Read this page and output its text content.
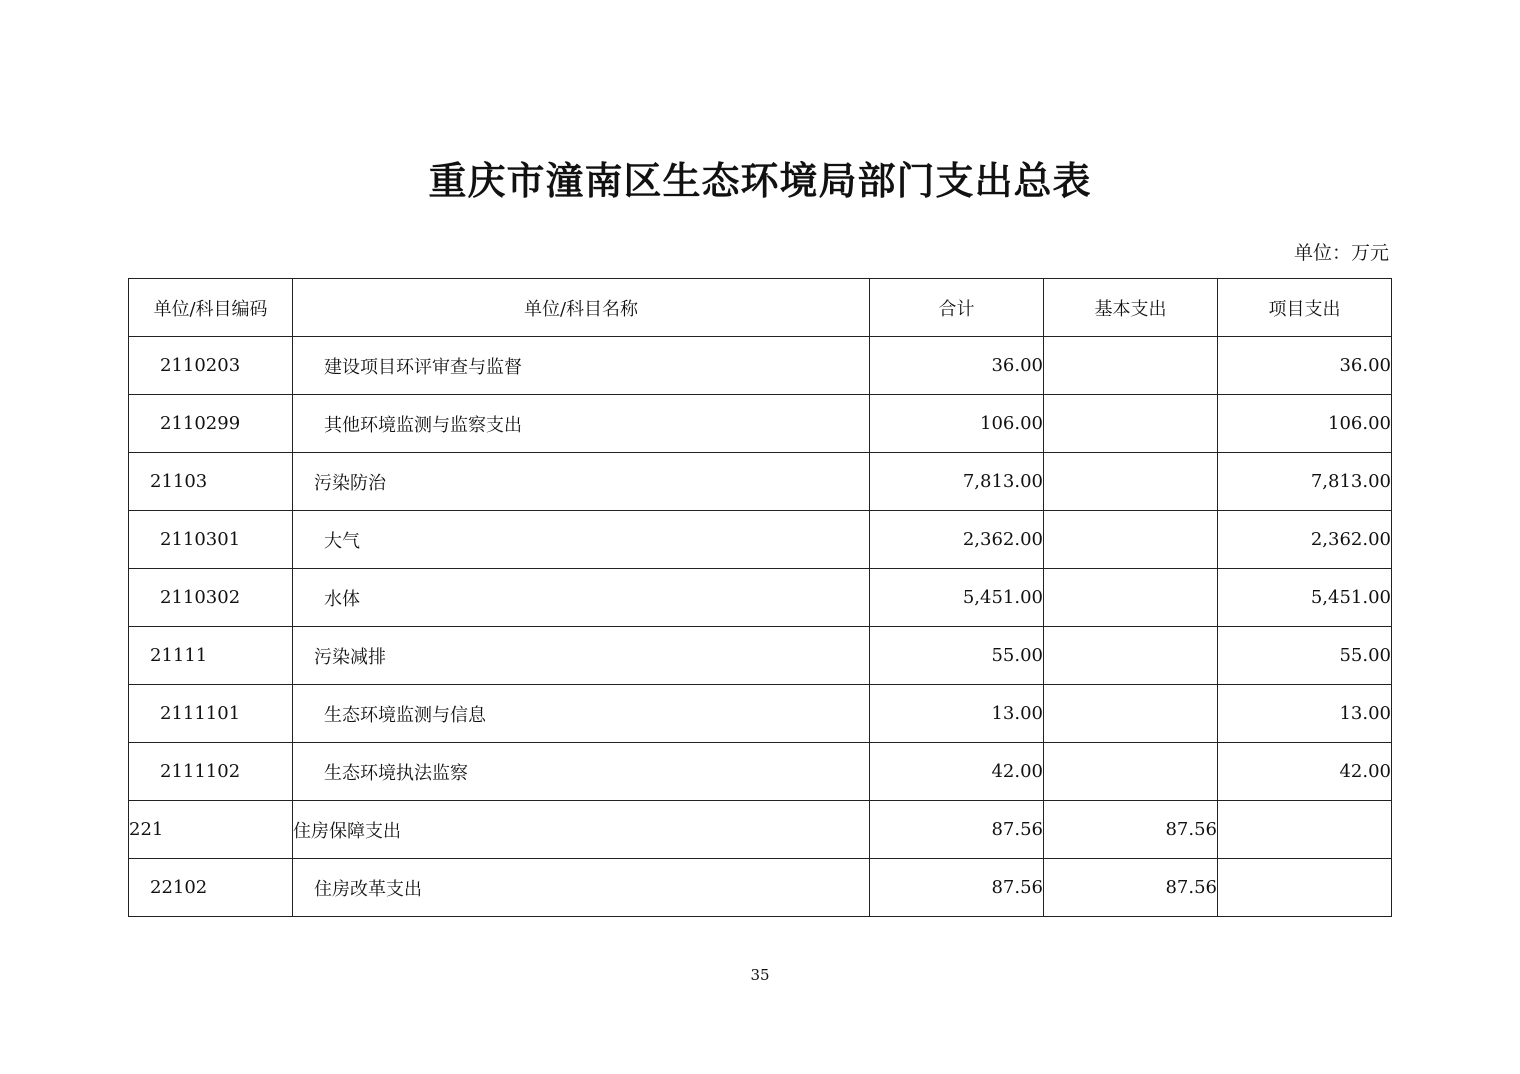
重庆市潼南区生态环境局部门支出总表
单位：万元
单位/科目编码	单位/科目名称	合计	基本支出	项目支出
2110203	建设项目环评审查与监督	36.00		36.00
2110299	其他环境监测与监察支出	106.00		106.00
21103	污染防治	7,813.00		7,813.00
2110301	大气	2,362.00		2,362.00
2110302	水体	5,451.00		5,451.00
21111	污染减排	55.00		55.00
2111101	生态环境监测与信息	13.00		13.00
2111102	生态环境执法监察	42.00		42.00
221	住房保障支出	87.56	87.56	
22102	住房改革支出	87.56	87.56	
35
